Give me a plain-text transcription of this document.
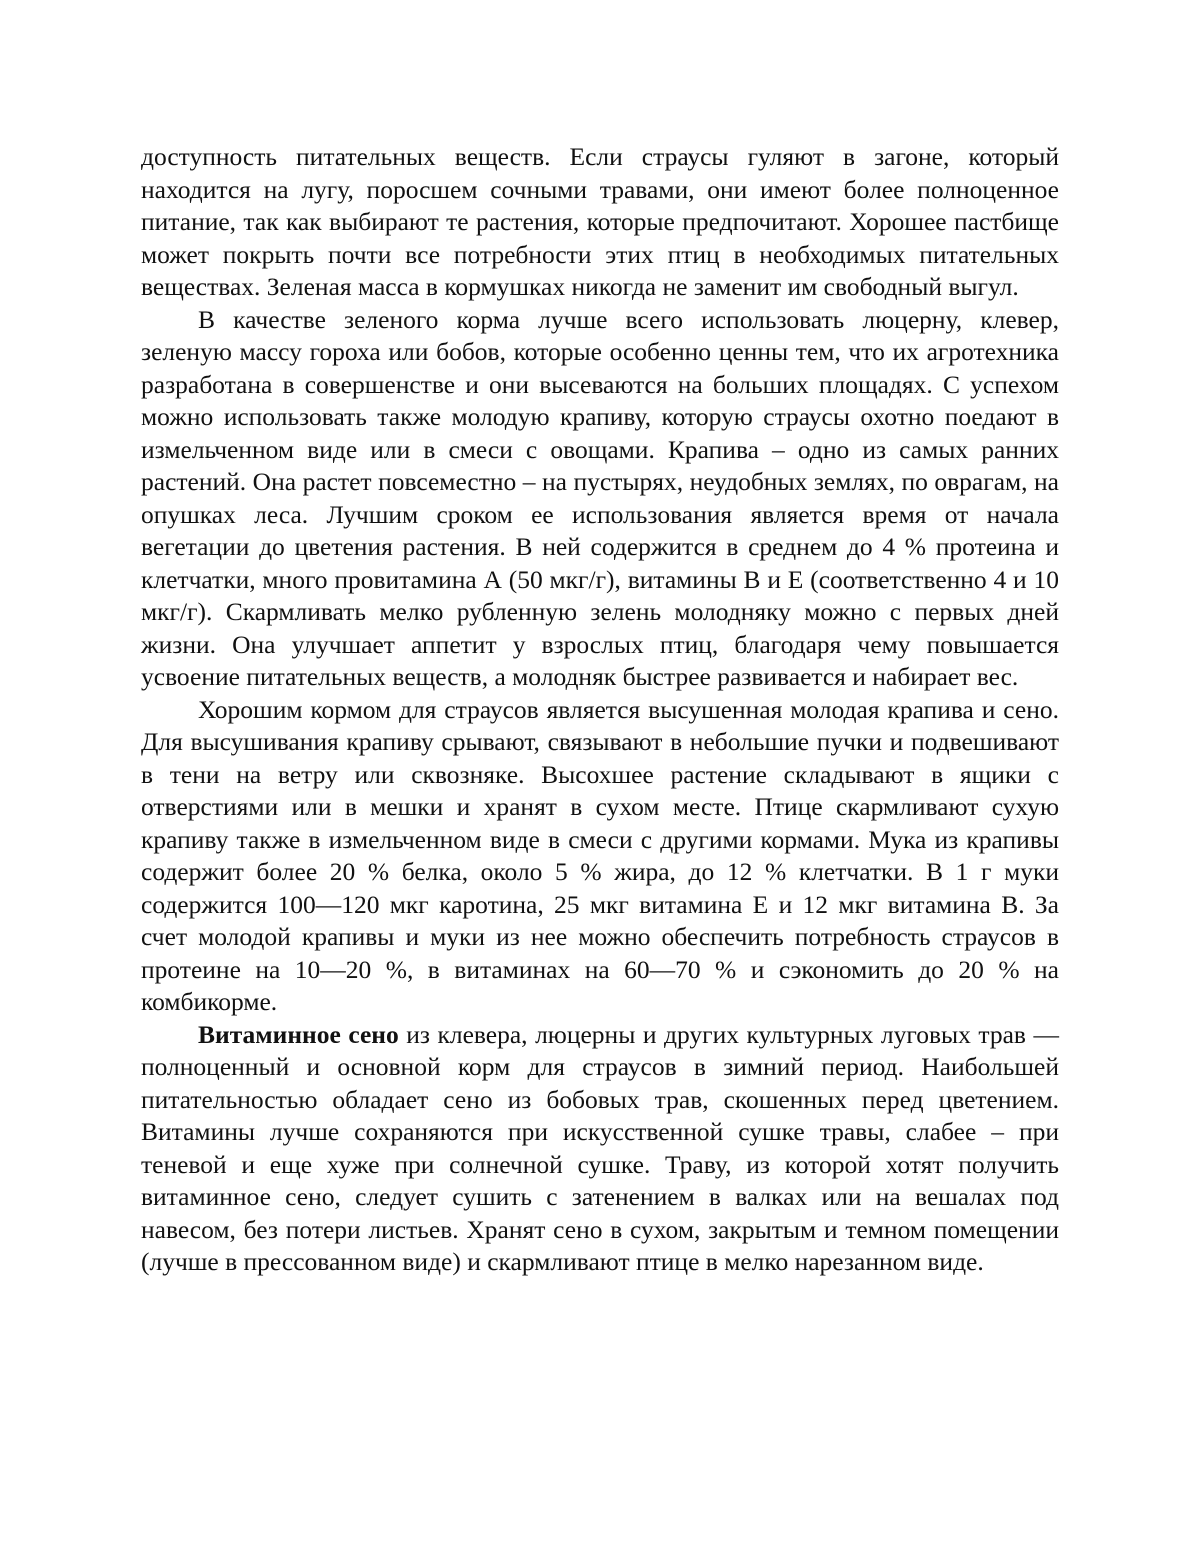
доступность питательных веществ. Если страусы гуляют в загоне, который находится на лугу, поросшем сочными травами, они имеют более полноценное питание, так как выбирают те растения, которые предпочитают. Хорошее пастбище может покрыть почти все потребности этих птиц в необходимых питательных веществах. Зеленая масса в кормушках никогда не заменит им свободный выгул.

В качестве зеленого корма лучше всего использовать люцерну, клевер, зеленую массу гороха или бобов, которые особенно ценны тем, что их агротехника разработана в совершенстве и они высеваются на больших площадях. С успехом можно использовать также молодую крапиву, которую страусы охотно поедают в измельченном виде или в смеси с овощами. Крапива – одно из самых ранних растений. Она растет повсеместно – на пустырях, неудобных землях, по оврагам, на опушках леса. Лучшим сроком ее использования является время от начала вегетации до цветения растения. В ней содержится в среднем до 4 % протеина и клетчатки, много провитамина А (50 мкг/г), витамины В и Е (соответственно 4 и 10 мкг/г). Скармливать мелко рубленную зелень молодняку можно с первых дней жизни. Она улучшает аппетит у взрослых птиц, благодаря чему повышается усвоение питательных веществ, а молодняк быстрее развивается и набирает вес.

Хорошим кормом для страусов является высушенная молодая крапива и сено. Для высушивания крапиву срывают, связывают в небольшие пучки и подвешивают в тени на ветру или сквозняке. Высохшее растение складывают в ящики с отверстиями или в мешки и хранят в сухом месте. Птице скармливают сухую крапиву также в измельченном виде в смеси с другими кормами. Мука из крапивы содержит более 20 % белка, около 5 % жира, до 12 % клетчатки. В 1 г муки содержится 100—120 мкг каротина, 25 мкг витамина Е и 12 мкг витамина В. За счет молодой крапивы и муки из нее можно обеспечить потребность страусов в протеине на 10—20 %, в витаминах на 60—70 % и сэкономить до 20 % на комбикорме.

Витаминное сено из клевера, люцерны и других культурных луговых трав —полноценный и основной корм для страусов в зимний период. Наибольшей питательностью обладает сено из бобовых трав, скошенных перед цветением. Витамины лучше сохраняются при искусственной сушке травы, слабее – при теневой и еще хуже при солнечной сушке. Траву, из которой хотят получить витаминное сено, следует сушить с затенением в валках или на вешалах под навесом, без потери листьев. Хранят сено в сухом, закрытым и темном помещении (лучше в прессованном виде) и скармливают птице в мелко нарезанном виде.
